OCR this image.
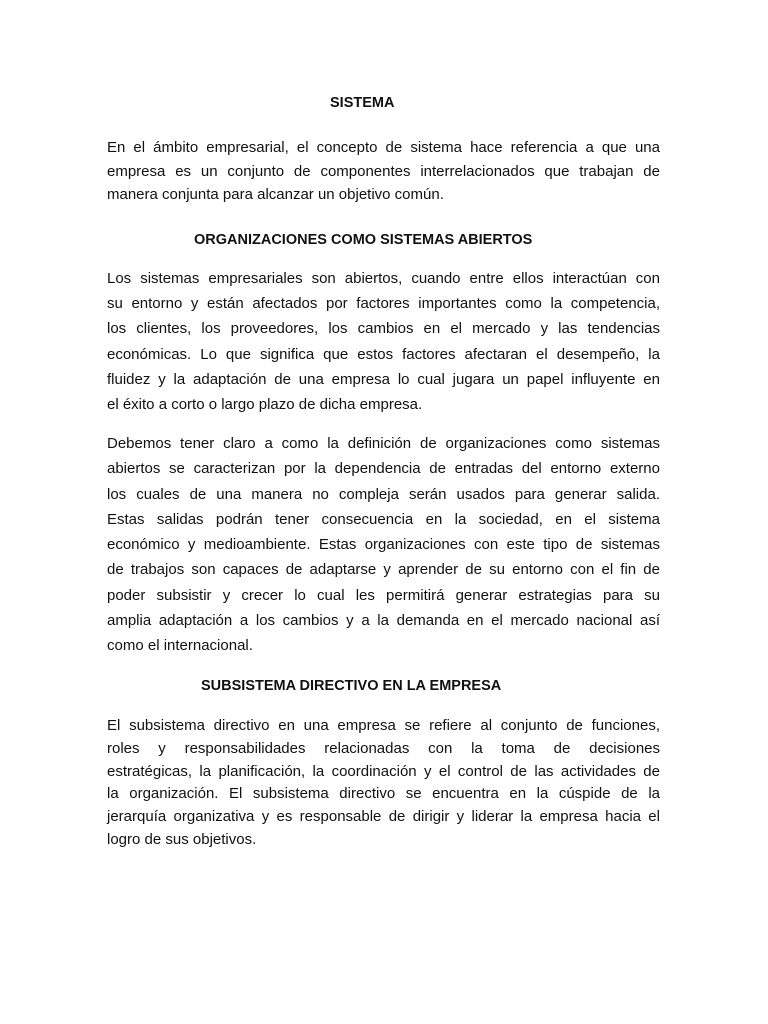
SISTEMA

En el ámbito empresarial, el concepto de sistema hace referencia a que una
empresa es un conjunto de componentes interrelacionados que trabajan de
manera conjunta para alcanzar un objetivo común.

ORGANIZACIONES COMO SISTEMAS ABIERTOS

Los sistemas empresariales son abiertos, cuando entre ellos interactúan con
su entorno y están afectados por factores importantes como la competencia,
los clientes, los proveedores, los cambios en el mercado y las tendencias
económicas. Lo que significa que estos factores afectaran el desempeño, la
fluidez y la adaptación de una empresa lo cual jugara un papel influyente en
el éxito a corto o largo plazo de dicha empresa.

Debemos tener claro a como la definición de organizaciones como sistemas
abiertos se caracterizan por la dependencia de entradas del entorno externo
los cuales de una manera no compleja serán usados para generar salida.
Estas salidas podrán tener consecuencia en la sociedad, en el sistema
económico y medioambiente. Estas organizaciones con este tipo de sistemas
de trabajos son capaces de adaptarse y aprender de su entorno con el fin de
poder subsistir y crecer lo cual les permitirá generar estrategias para su
amplia adaptación a los cambios y a la demanda en el mercado nacional así
como el internacional.

SUBSISTEMA DIRECTIVO EN LA EMPRESA

El subsistema directivo en una empresa se refiere al conjunto de funciones,
roles y responsabilidades relacionadas con la toma de decisiones
estratégicas, la planificación, la coordinación y el control de las actividades de
la organización. El subsistema directivo se encuentra en la cúspide de la
jerarquía organizativa y es responsable de dirigir y liderar la empresa hacia el
logro de sus objetivos.
